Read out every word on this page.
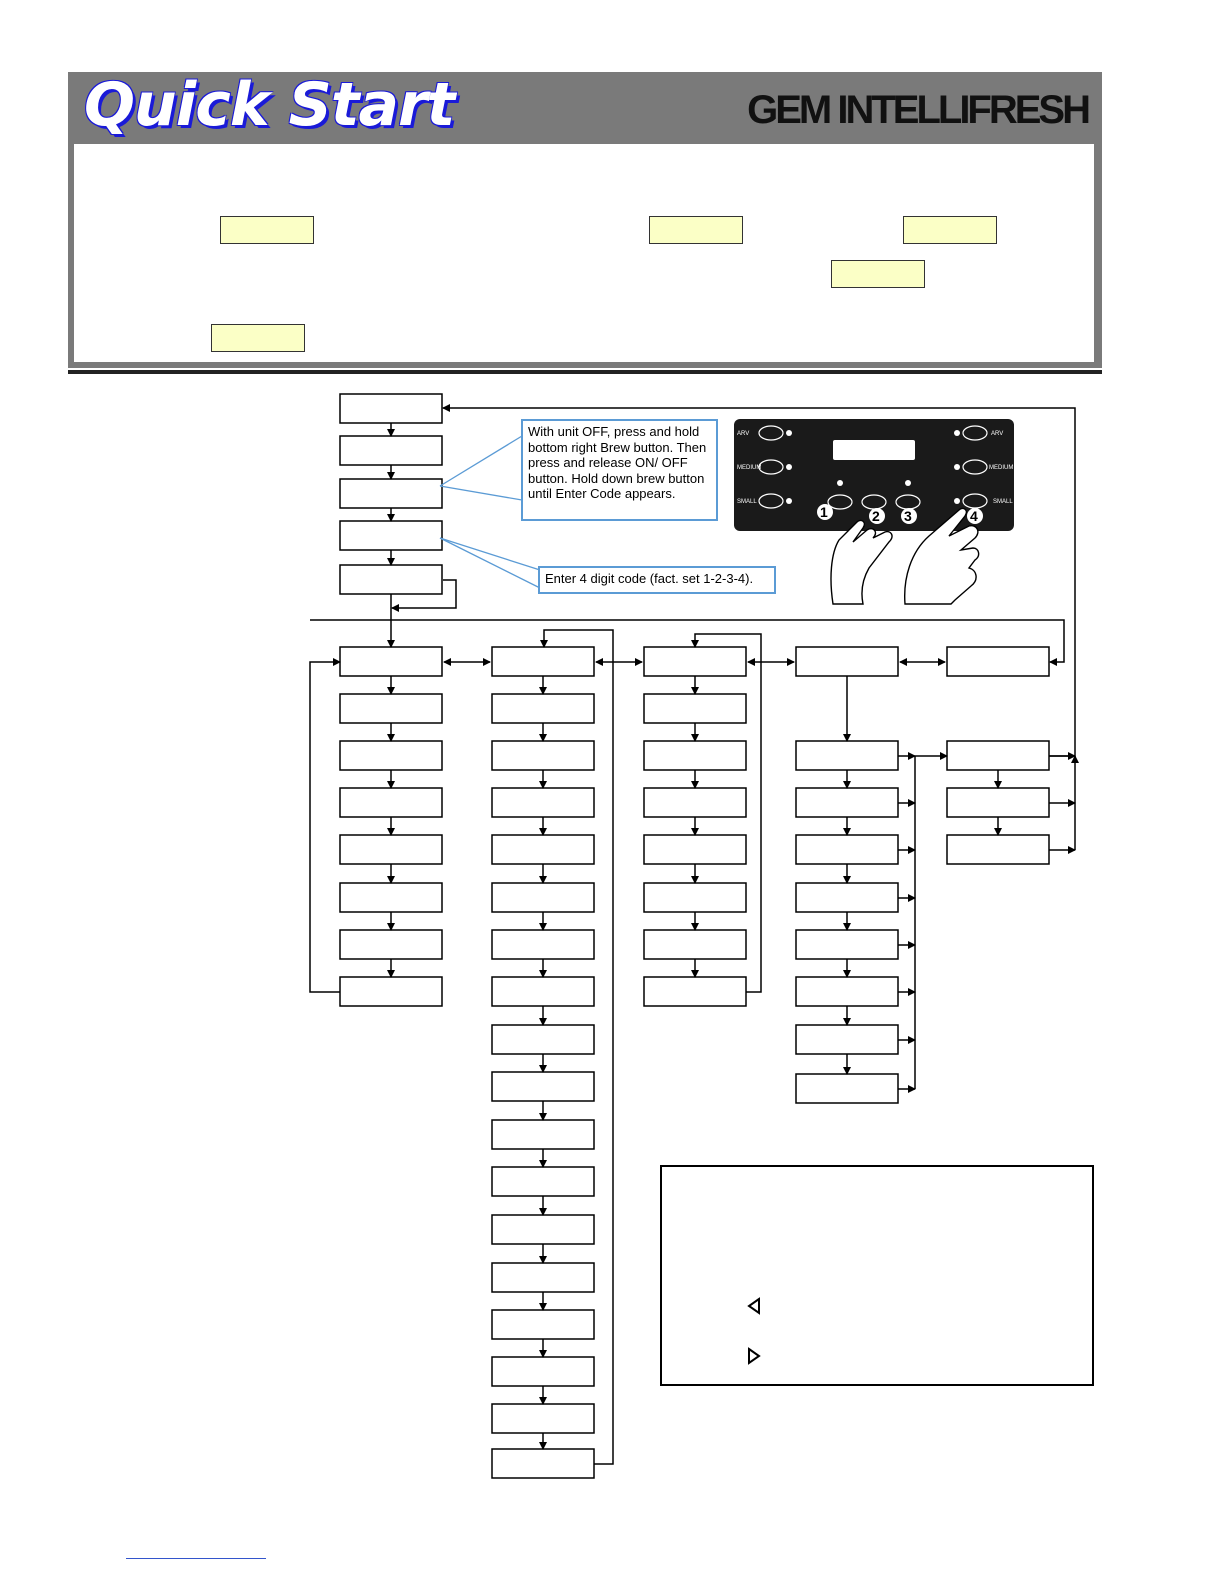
Quick Start	GEM INTELLIFRESH
With unit OFF, press and hold bottom right Brew button. Then press and release ON/ OFF button. Hold down brew button until Enter Code appears.
Enter 4 digit code (fact. set 1-2-3-4).
ARV
MEDIUM
SMALL
ARV
MEDIUM
SMALL
1	2 3	4
